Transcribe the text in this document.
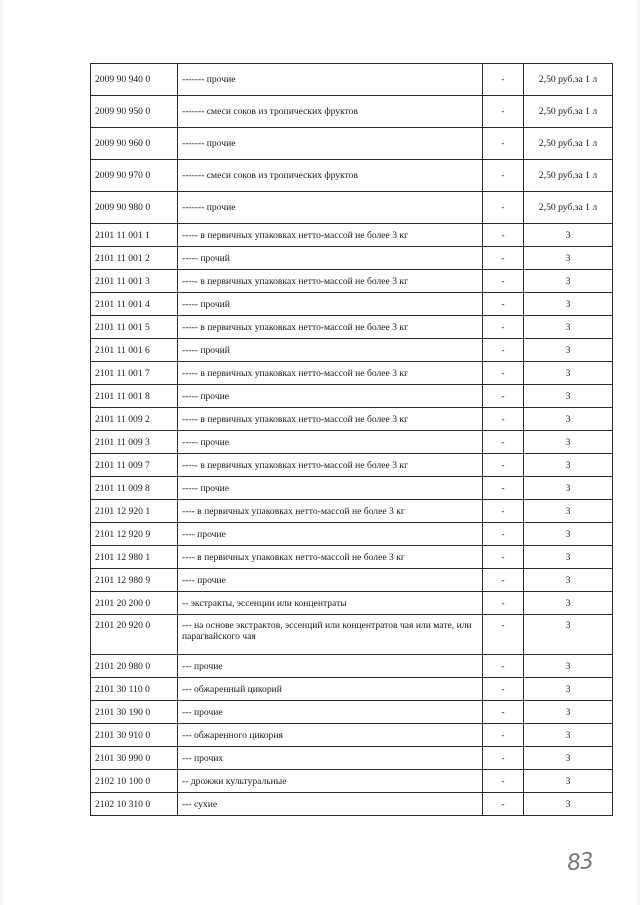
2009 90 940 0	------- прочие	-	2,50 руб.за 1 л
2009 90 950 0	------- смеси соков из тропических фруктов	-	2,50 руб.за 1 л
2009 90 960 0	------- прочие	-	2,50 руб.за 1 л
2009 90 970 0	------- смеси соков из тропических фруктов	-	2,50 руб.за 1 л
2009 90 980 0	------- прочие	-	2,50 руб.за 1 л
2101 11 001 1	----- в первичных упаковках нетто-массой не более 3 кг	-	3
2101 11 001 2	----- прочий	-	3
2101 11 001 3	----- в первичных упаковках нетто-массой не более 3 кг	-	3
2101 11 001 4	----- прочий	-	3
2101 11 001 5	----- в первичных упаковках нетто-массой не более 3 кг	-	3
2101 11 001 6	----- прочий	-	3
2101 11 001 7	----- в первичных упаковках нетто-массой не более 3 кг	-	3
2101 11 001 8	----- прочие	-	3
2101 11 009 2	----- в первичных упаковках нетто-массой не более 3 кг	-	3
2101 11 009 3	----- прочие	-	3
2101 11 009 7	----- в первичных упаковках нетто-массой не более 3 кг	-	3
2101 11 009 8	----- прочие	-	3
2101 12 920 1	---- в первичных упаковках нетто-массой не более 3 кг	-	3
2101 12 920 9	---- прочие	-	3
2101 12 980 1	---- в первичных упаковках нетто-массой не более 3 кг	-	3
2101 12 980 9	---- прочие	-	3
2101 20 200 0	-- экстракты, эссенции или концентраты	-	3
2101 20 920 0	--- на основе экстрактов, эссенций или концентратов чая или мате, или парагвайского чая	-	3
2101 20 980 0	--- прочие	-	3
2101 30 110 0	--- обжаренный цикорий	-	3
2101 30 190 0	--- прочие	-	3
2101 30 910 0	--- обжаренного цикория	-	3
2101 30 990 0	--- прочих	-	3
2102 10 100 0	-- дрожжи культуральные	-	3
2102 10 310 0	--- сухие	-	3
83
